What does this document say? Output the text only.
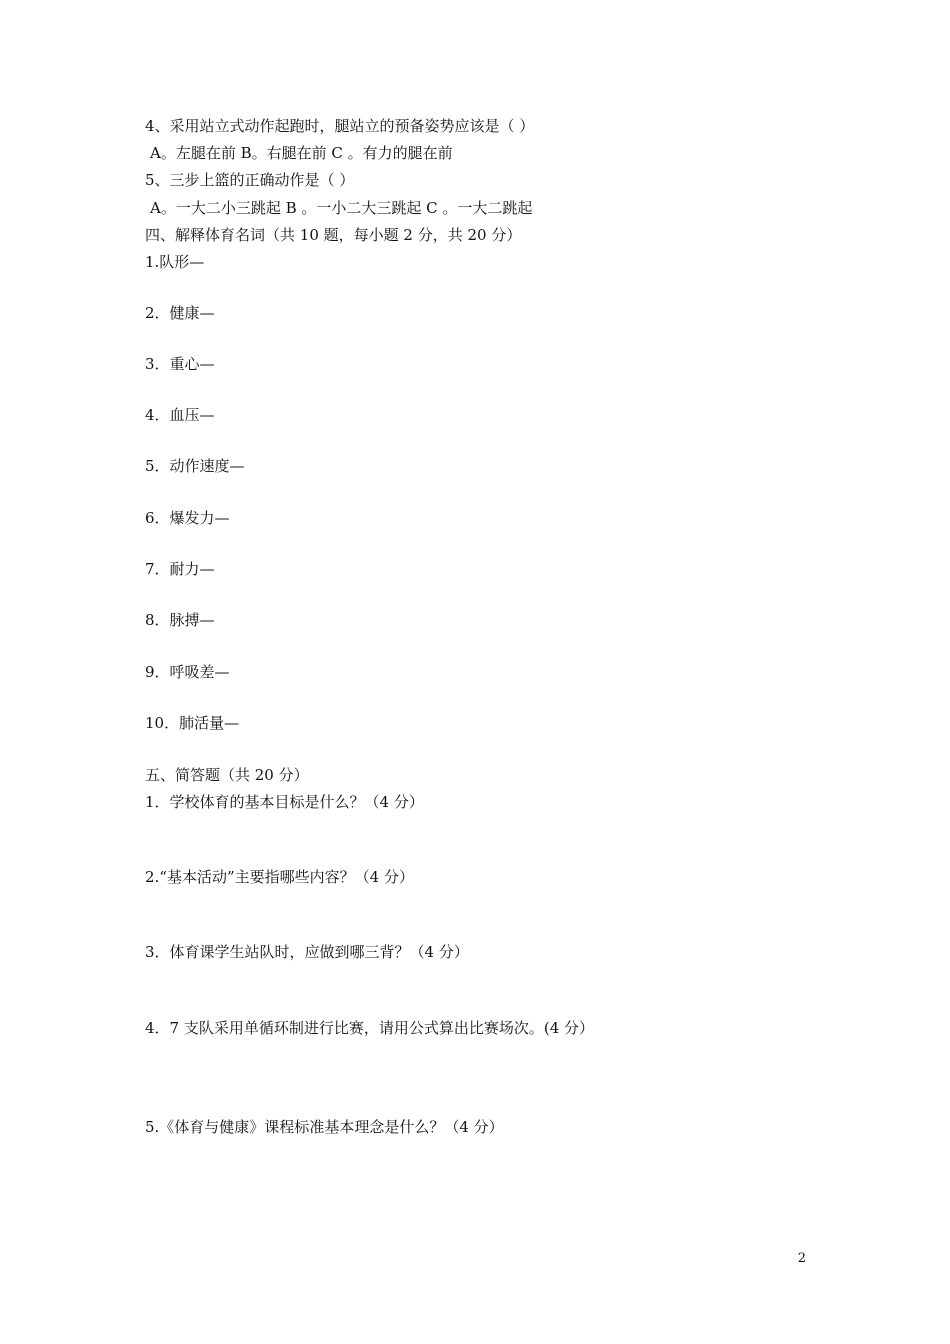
4、采用站立式动作起跑时，腿站立的预备姿势应该是（ ）
A。左腿在前 B。右腿在前 C 。有力的腿在前
5、三步上篮的正确动作是（ ）
A。一大二小三跳起 B 。一小二大三跳起 C 。一大二跳起
四、解释体育名词（共 10 题，每小题 2 分，共 20 分）
1.队形—
2．健康—
3．重心—
4．血压—
5．动作速度—
6．爆发力—
7．耐力—
8．脉搏—
9．呼吸差—
10．肺活量—
五、简答题（共 20 分）
1．学校体育的基本目标是什么？（4 分）
2.“基本活动”主要指哪些内容？（4 分）
3．体育课学生站队时，应做到哪三背？（4 分）
4．7 支队采用单循环制进行比赛，请用公式算出比赛场次。(4 分）
5.《体育与健康》课程标准基本理念是什么？（4 分）
2
